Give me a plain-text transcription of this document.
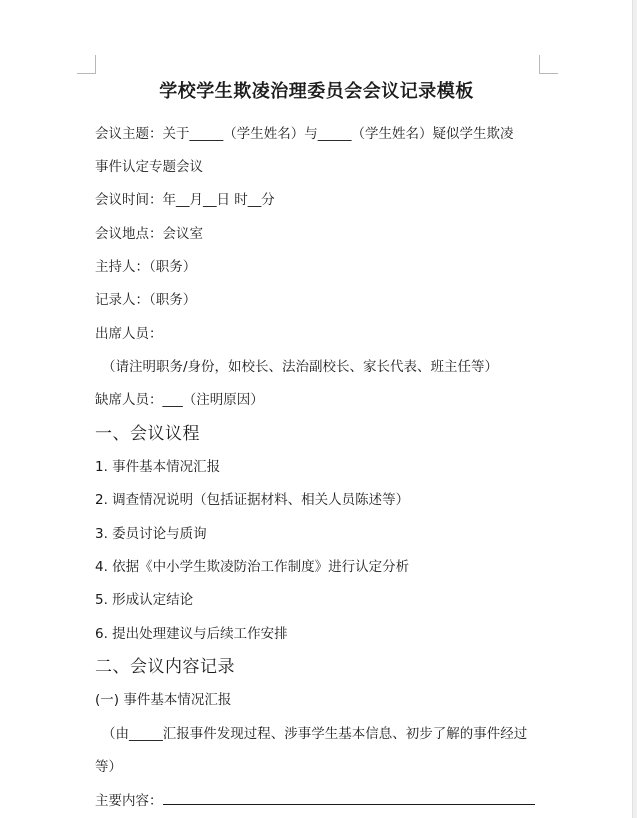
学校学生欺凌治理委员会会议记录模板
会议主题：关于_____（学生姓名）与_____（学生姓名）疑似学生欺凌
事件认定专题会议
会议时间：年__月__日 时__分
会议地点：会议室
主持人：（职务）
记录人：（职务）
出席人员：
（请注明职务/身份，如校长、法治副校长、家长代表、班主任等）
缺席人员：___（注明原因）
一、会议议程
1. 事件基本情况汇报
2. 调查情况说明（包括证据材料、相关人员陈述等）
3. 委员讨论与质询
4. 依据《中小学生欺凌防治工作制度》进行认定分析
5. 形成认定结论
6. 提出处理建议与后续工作安排
二、会议内容记录
(一) 事件基本情况汇报
（由_____汇报事件发现过程、涉事学生基本信息、初步了解的事件经过
等）
主要内容：
